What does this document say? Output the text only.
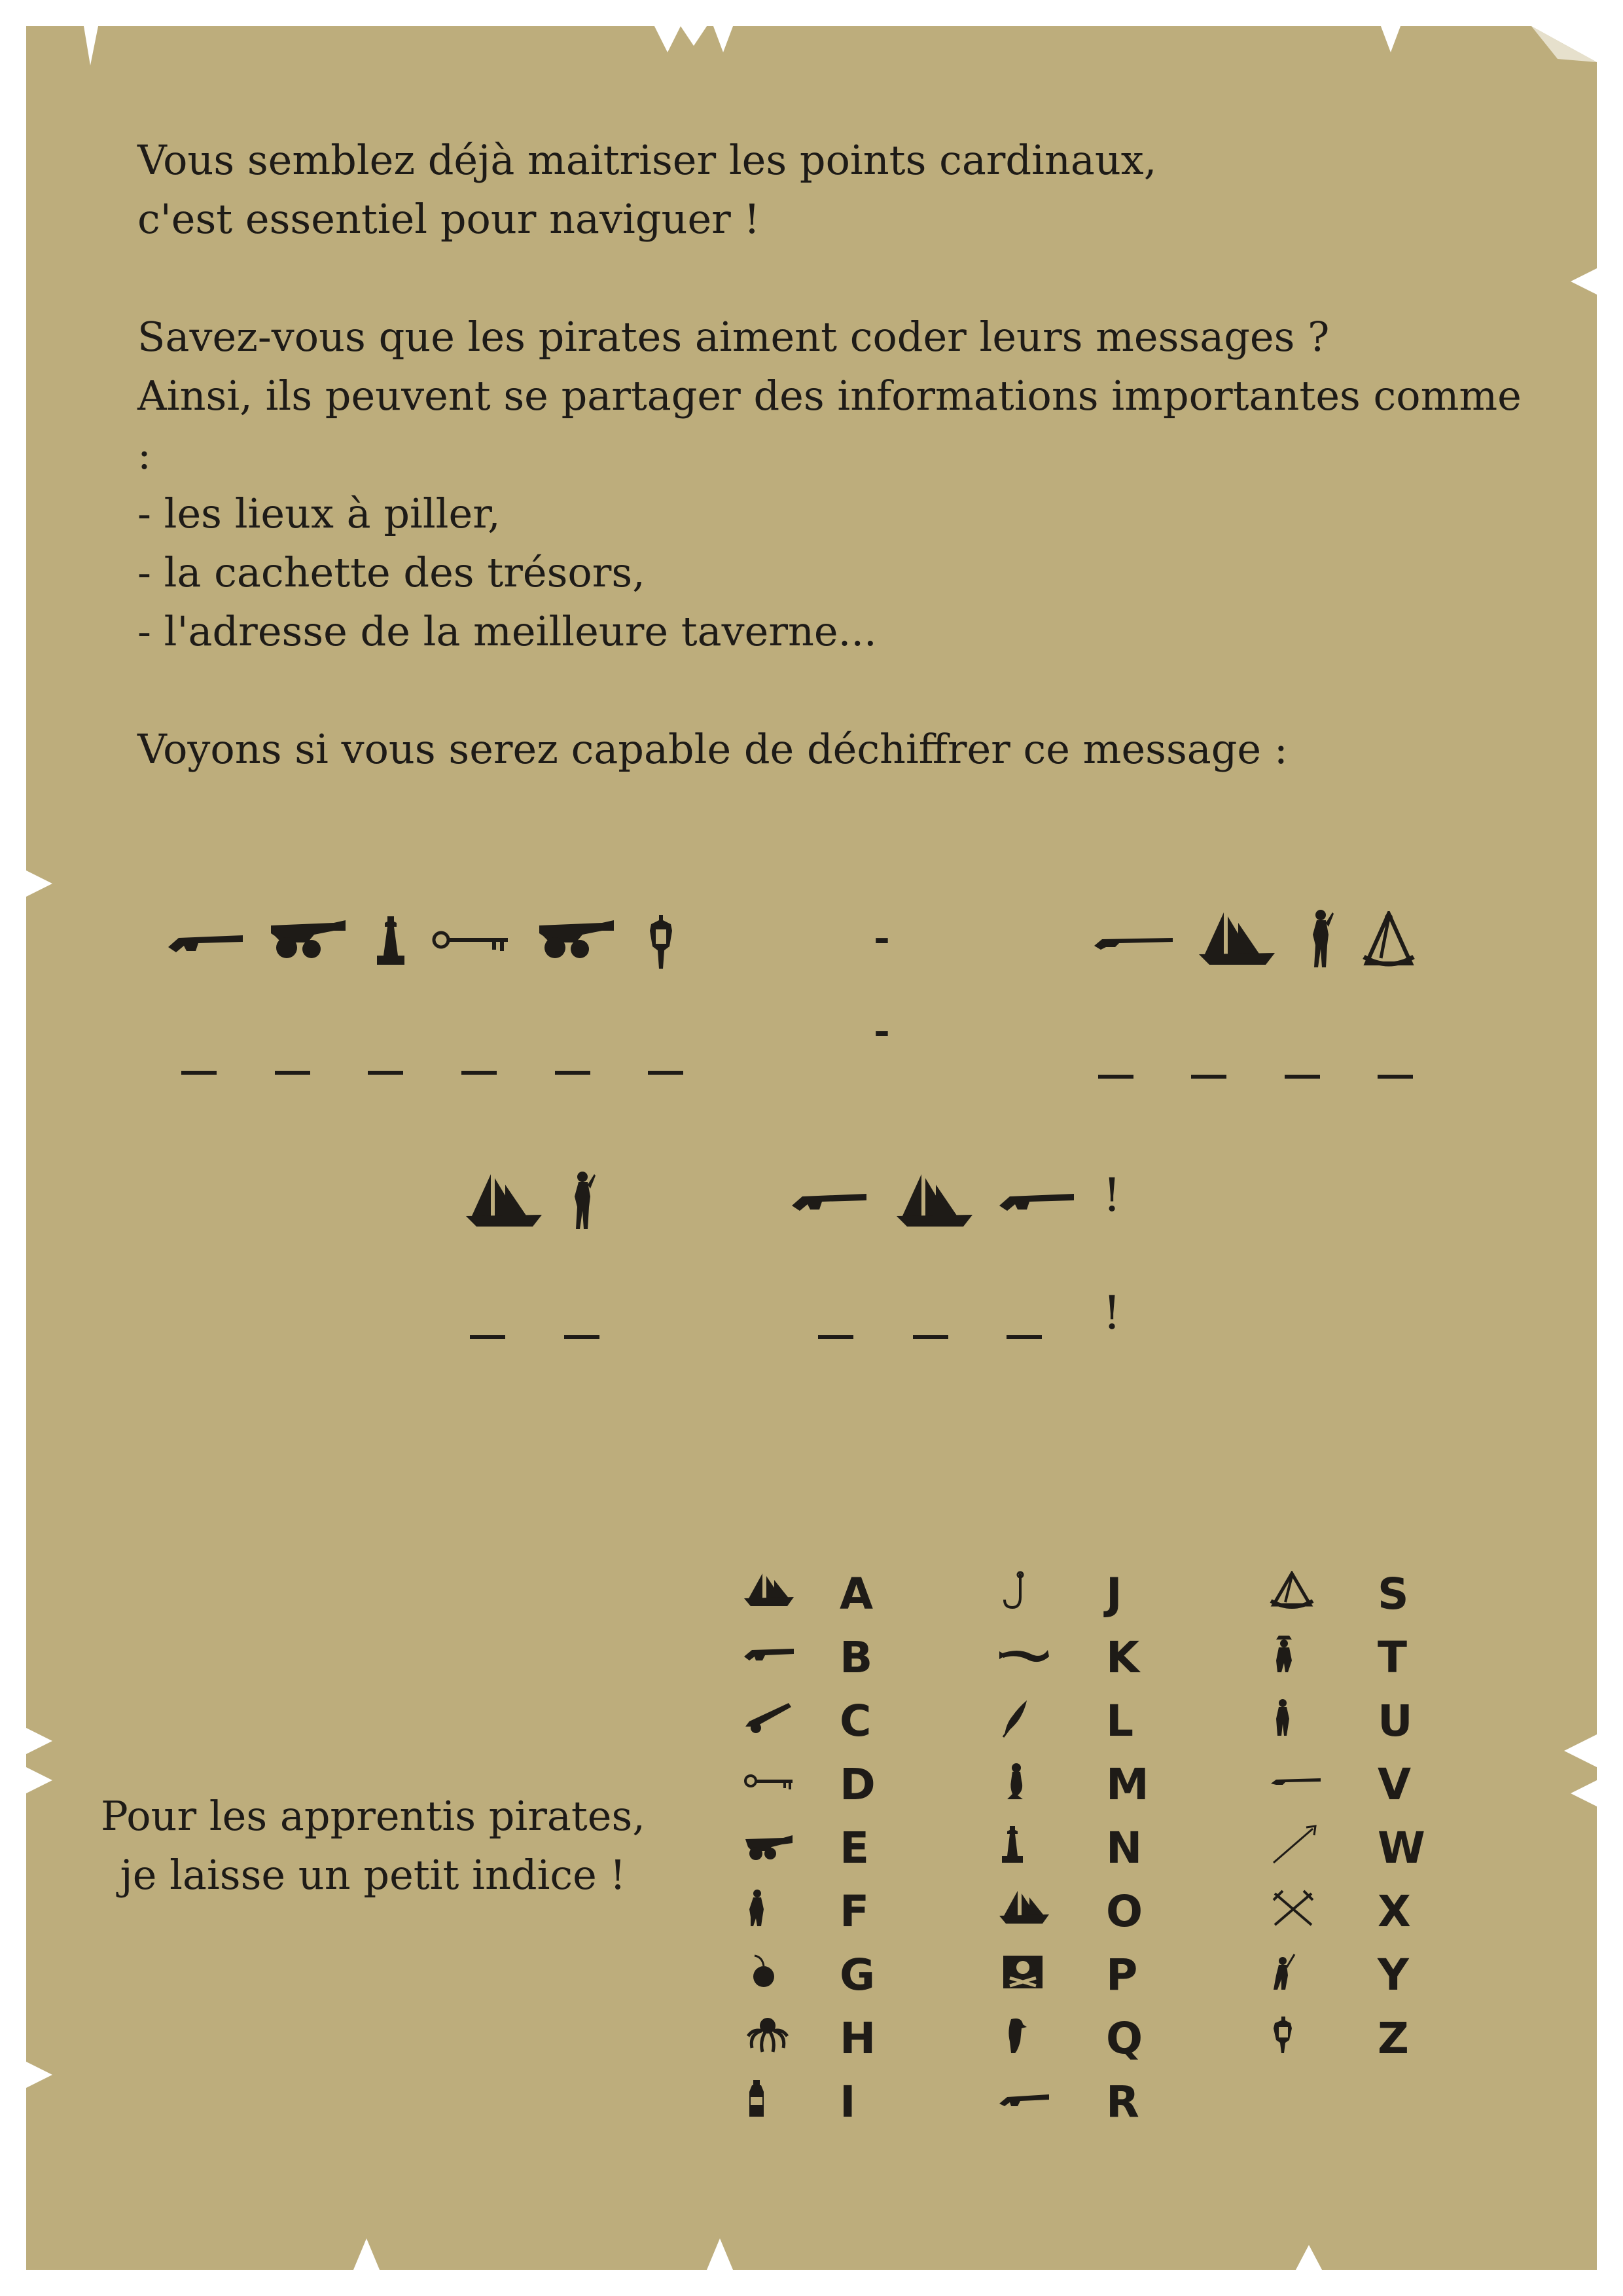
Vous semblez déjà maitriser les points cardinaux,

c'est essentiel pour naviguer !

Savez-vous que les pirates aiment coder leurs messages ?

Ainsi, ils peuvent se partager des informations importantes comme :

- les lieux à piller,

- la cachette des trésors,

- l'adresse de la meilleure taverne...

Voyons si vous serez capable de déchiffrer ce message :

-
-
!
!

Pour les apprentis pirates,

je laisse un petit indice !

A
B
C
D
E
F
G
H
I
J
K
L
M
N
O
P
Q
R
S
T
U
V
W
X
Y
Z
